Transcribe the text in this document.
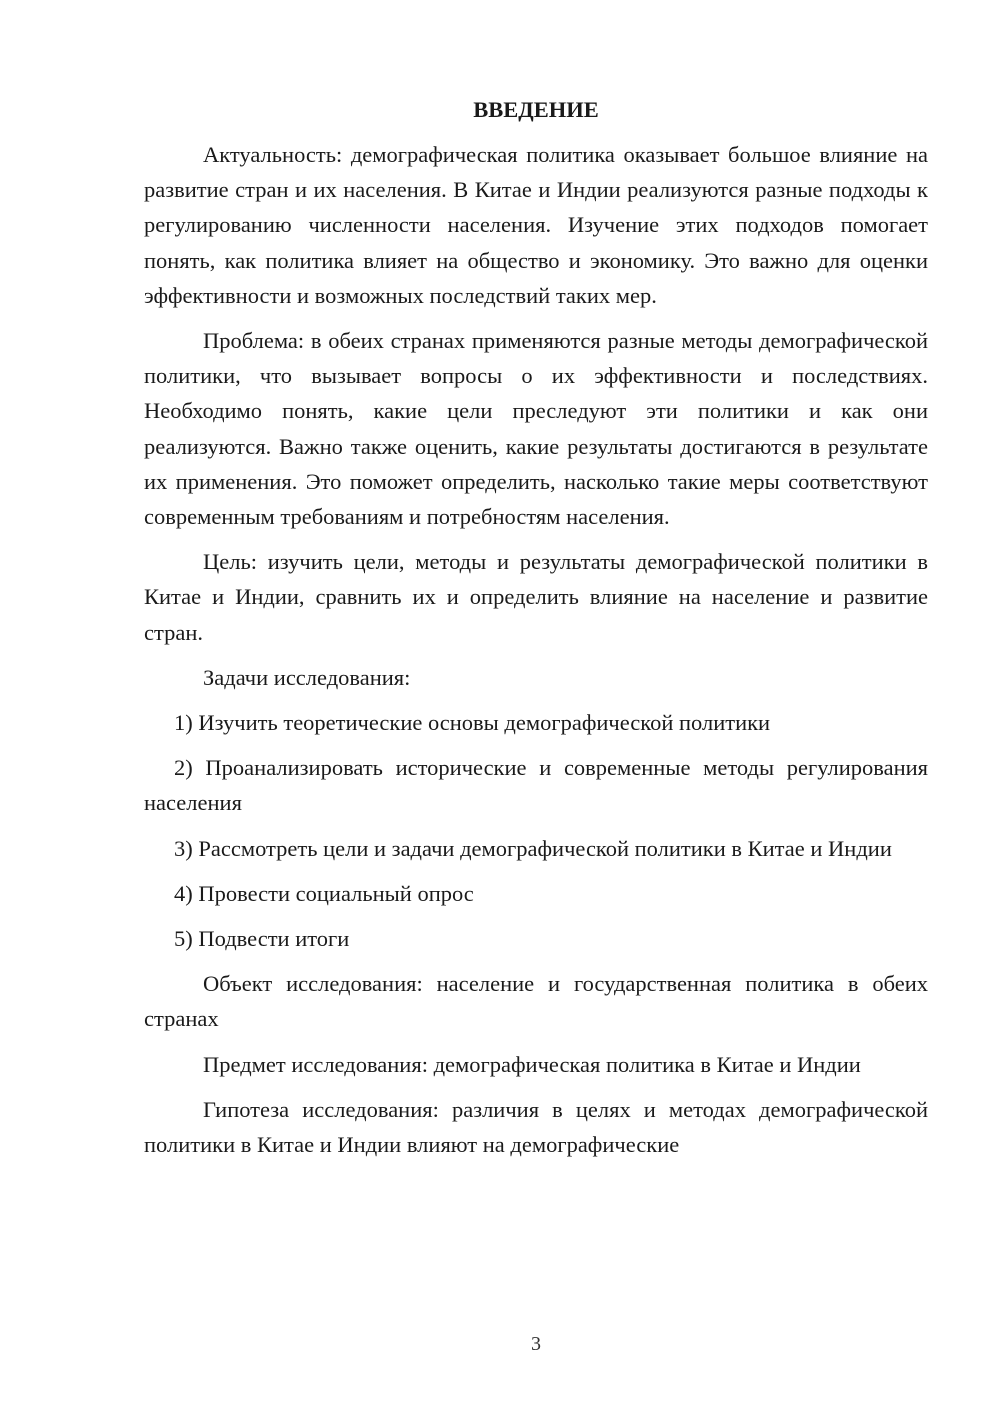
ВВЕДЕНИЕ

Актуальность: демографическая политика оказывает большое влияние на развитие стран и их населения. В Китае и Индии реализуются разные подходы к регулированию численности населения. Изучение этих подходов помогает понять, как политика влияет на общество и экономику. Это важно для оценки эффективности и возможных последствий таких мер.

Проблема: в обеих странах применяются разные методы демографической политики, что вызывает вопросы о их эффективности и последствиях. Необходимо понять, какие цели преследуют эти политики и как они реализуются. Важно также оценить, какие результаты достигаются в результате их применения. Это поможет определить, насколько такие меры соответствуют современным требованиям и потребностям населения.

Цель: изучить цели, методы и результаты демографической политики в Китае и Индии, сравнить их и определить влияние на население и развитие стран.

Задачи исследования:

1) Изучить теоретические основы демографической политики

2) Проанализировать исторические и современные методы регулирования населения

3) Рассмотреть цели и задачи демографической политики в Китае и Индии

4) Провести социальный опрос

5) Подвести итоги

Объект исследования: население и государственная политика в обеих странах

Предмет исследования: демографическая политика в Китае и Индии

Гипотеза исследования: различия в целях и методах демографической политики в Китае и Индии влияют на демографические

3
